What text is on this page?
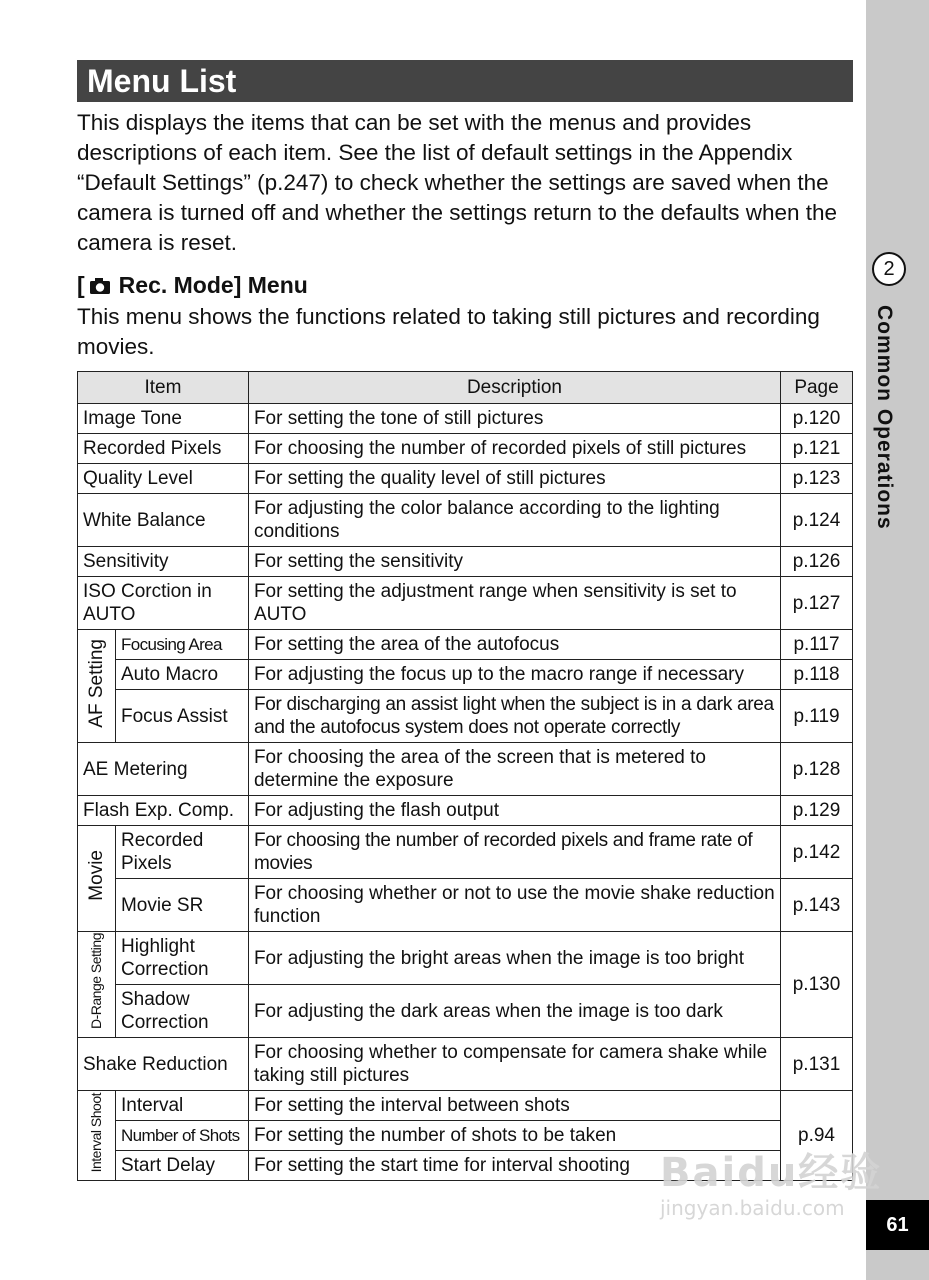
2
Common Operations
61
Menu List

This displays the items that can be set with the menus and provides descriptions of each item. See the list of default settings in the Appendix “Default Settings” (p.247) to check whether the settings are saved when the camera is turned off and whether the settings return to the defaults when the camera is reset.

[ Rec. Mode] Menu

This menu shows the functions related to taking still pictures and recording movies.

Item		Description	Page
Image Tone		For setting the tone of still pictures	p.120
Recorded Pixels		For choosing the number of recorded pixels of still pictures	p.121
Quality Level		For setting the quality level of still pictures	p.123
White Balance		For adjusting the color balance according to the lighting conditions	p.124
Sensitivity		For setting the sensitivity	p.126
ISO Corction in AUTO		For setting the adjustment range when sensitivity is set to AUTO	p.127
AF Setting	Focusing Area	For setting the area of the autofocus	p.117
	Auto Macro	For adjusting the focus up to the macro range if necessary	p.118
	Focus Assist	For discharging an assist light when the subject is in a dark area and the autofocus system does not operate correctly	p.119
AE Metering		For choosing the area of the screen that is metered to determine the exposure	p.128
Flash Exp. Comp.		For adjusting the flash output	p.129
Movie	Recorded Pixels	For choosing the number of recorded pixels and frame rate of movies	p.142
	Movie SR	For choosing whether or not to use the movie shake reduction function	p.143
D-Range Setting	Highlight Correction	For adjusting the bright areas when the image is too bright	p.130
	Shadow Correction	For adjusting the dark areas when the image is too dark	
Shake Reduction		For choosing whether to compensate for camera shake while taking still pictures	p.131
Interval Shoot	Interval	For setting the interval between shots	p.94
	Number of Shots	For setting the number of shots to be taken	
	Start Delay	For setting the start time for interval shooting	Baidu经验
jingyan.baidu.com
